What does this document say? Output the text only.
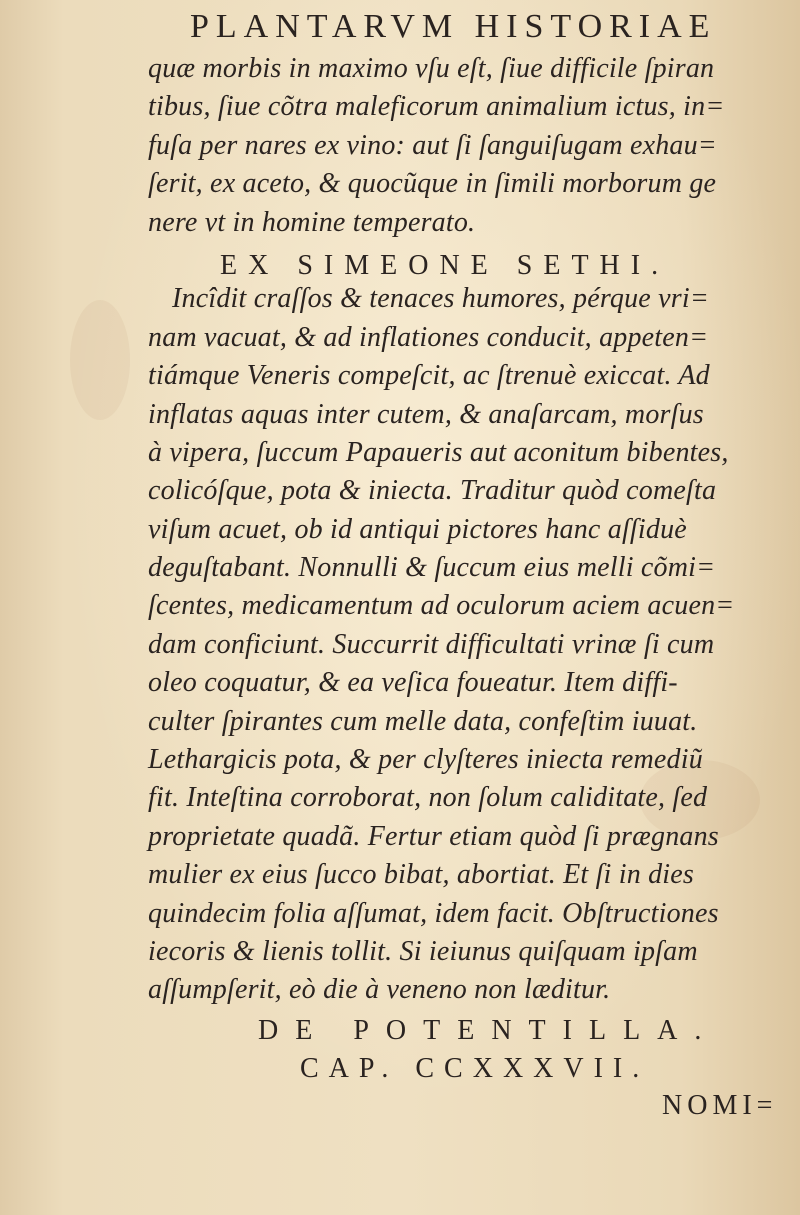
PLANTARVM HISTORIAE
quæ morbis in maximo vſu eſt, ſiue difficile ſpiran
tibus, ſiue cõtra maleficorum animalium ictus, in=
fuſa per nares ex vino: aut ſi ſanguiſugam exhau=
ſerit, ex aceto, & quocũque in ſimili morborum ge
nere vt in homine temperato.
Incîdit craſſos & tenaces humores, pérque vri=
nam vacuat, & ad inflationes conducit, appeten=
tiámque Veneris compeſcit, ac ſtrenuè exiccat. Ad
inflatas aquas inter cutem, & anaſarcam, morſus
à vipera, ſuccum Papaueris aut aconitum bibentes,
colicóſque, pota & iniecta. Traditur quòd comeſta
viſum acuet, ob id antiqui pictores hanc aſſiduè
deguſtabant. Nonnulli & ſuccum eius melli cõmi=
ſcentes, medicamentum ad oculorum aciem acuen=
dam conficiunt. Succurrit difficultati vrinæ ſi cum
oleo coquatur, & ea veſica foueatur. Item diffi-
culter ſpirantes cum melle data, confeſtim iuuat.
Lethargicis pota, & per clyſteres iniecta remediũ
fit. Inteſtina corroborat, non ſolum caliditate, ſed
proprietate quadã. Fertur etiam quòd ſi prægnans
mulier ex eius ſucco bibat, abortiat. Et ſi in dies
quindecim folia aſſumat, idem facit. Obſtructiones
iecoris & lienis tollit. Si ieiunus quiſquam ipſam
aſſumpſerit, eò die à veneno non læditur.
EX SIMEONE SETHI.
DE POTENTILLA.
CAP. CCXXXVII.
NOMI=
